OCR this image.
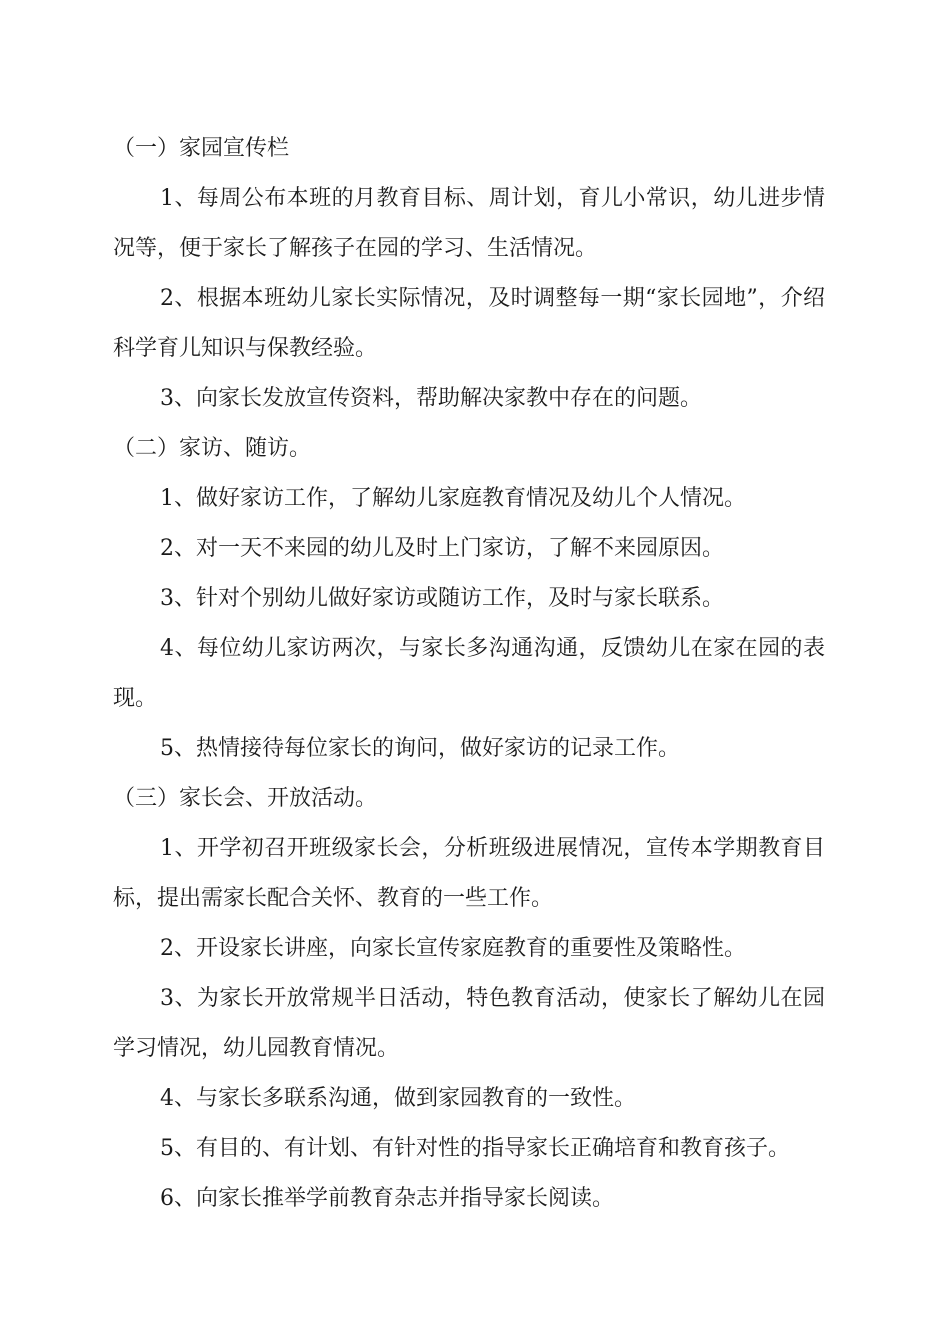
（一）家园宣传栏

1、每周公布本班的月教育目标、周计划，育儿小常识，幼儿进步情况等，便于家长了解孩子在园的学习、生活情况。

2、根据本班幼儿家长实际情况，及时调整每一期“家长园地”，介绍科学育儿知识与保教经验。

3、向家长发放宣传资料，帮助解决家教中存在的问题。

（二）家访、随访。

1、做好家访工作，了解幼儿家庭教育情况及幼儿个人情况。

2、对一天不来园的幼儿及时上门家访，了解不来园原因。

3、针对个别幼儿做好家访或随访工作，及时与家长联系。

4、每位幼儿家访两次，与家长多沟通沟通，反馈幼儿在家在园的表现。

5、热情接待每位家长的询问，做好家访的记录工作。

（三）家长会、开放活动。

1、开学初召开班级家长会，分析班级进展情况，宣传本学期教育目标，提出需家长配合关怀、教育的一些工作。

2、开设家长讲座，向家长宣传家庭教育的重要性及策略性。

3、为家长开放常规半日活动，特色教育活动，使家长了解幼儿在园学习情况，幼儿园教育情况。

4、与家长多联系沟通，做到家园教育的一致性。

5、有目的、有计划、有针对性的指导家长正确培育和教育孩子。

6、向家长推举学前教育杂志并指导家长阅读。
